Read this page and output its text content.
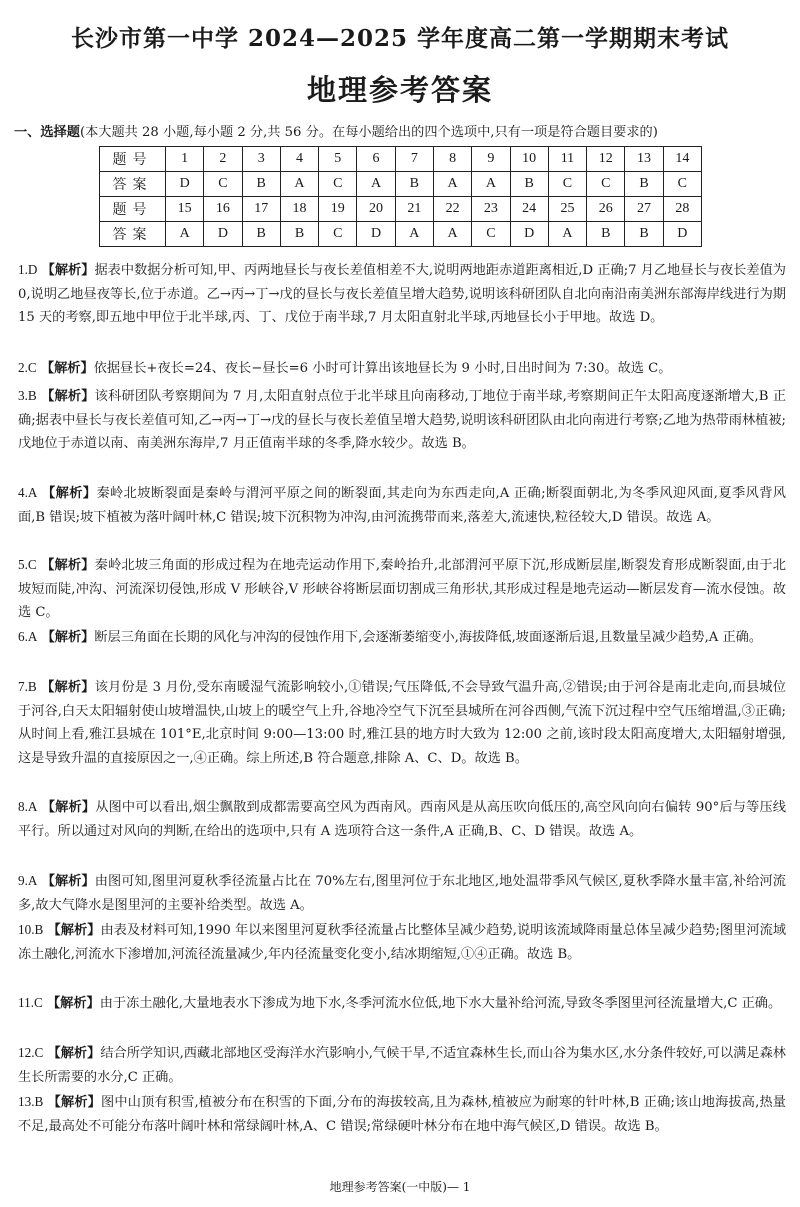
长沙市第一中学 2024—2025 学年度高二第一学期期末考试
地理参考答案
一、选择题(本大题共 28 小题,每小题 2 分,共 56 分。在每小题给出的四个选项中,只有一项是符合题目要求的)
题号	1	2	3	4	5	6	7	8	9	10	11	12	13	14
答案	D	C	B	A	C	A	B	A	A	B	C	C	B	C
题号	15	16	17	18	19	20	21	22	23	24	25	26	27	28
答案	A	D	B	B	C	D	A	A	C	D	A	B	B	D
1.D 【解析】据表中数据分析可知,甲、丙两地昼长与夜长差值相差不大,说明两地距赤道距离相近,D 正确;7 月乙地昼长与夜长差值为 0,说明乙地昼夜等长,位于赤道。乙→丙→丁→戊的昼长与夜长差值呈增大趋势,说明该科研团队自北向南沿南美洲东部海岸线进行为期 15 天的考察,即五地中甲位于北半球,丙、丁、戊位于南半球,7 月太阳直射北半球,丙地昼长小于甲地。故选 D。
2.C 【解析】依据昼长+夜长=24、夜长−昼长=6 小时可计算出该地昼长为 9 小时,日出时间为 7:30。故选 C。
3.B 【解析】该科研团队考察期间为 7 月,太阳直射点位于北半球且向南移动,丁地位于南半球,考察期间正午太阳高度逐渐增大,B 正确;据表中昼长与夜长差值可知,乙→丙→丁→戊的昼长与夜长差值呈增大趋势,说明该科研团队由北向南进行考察;乙地为热带雨林植被;戊地位于赤道以南、南美洲东海岸,7 月正值南半球的冬季,降水较少。故选 B。
4.A 【解析】秦岭北坡断裂面是秦岭与渭河平原之间的断裂面,其走向为东西走向,A 正确;断裂面朝北,为冬季风迎风面,夏季风背风面,B 错误;坡下植被为落叶阔叶林,C 错误;坡下沉积物为冲沟,由河流携带而来,落差大,流速快,粒径较大,D 错误。故选 A。
5.C 【解析】秦岭北坡三角面的形成过程为在地壳运动作用下,秦岭抬升,北部渭河平原下沉,形成断层崖,断裂发育形成断裂面,由于北坡短而陡,冲沟、河流深切侵蚀,形成 V 形峡谷,V 形峡谷将断层面切割成三角形状,其形成过程是地壳运动—断层发育—流水侵蚀。故选 C。
6.A 【解析】断层三角面在长期的风化与冲沟的侵蚀作用下,会逐渐萎缩变小,海拔降低,坡面逐渐后退,且数量呈减少趋势,A 正确。
7.B 【解析】该月份是 3 月份,受东南暖湿气流影响较小,①错误;气压降低,不会导致气温升高,②错误;由于河谷是南北走向,而县城位于河谷,白天太阳辐射使山坡增温快,山坡上的暖空气上升,谷地冷空气下沉至县城所在河谷西侧,气流下沉过程中空气压缩增温,③正确;从时间上看,雅江县城在 101°E,北京时间 9:00—13:00 时,雅江县的地方时大致为 12:00 之前,该时段太阳高度增大,太阳辐射增强,这是导致升温的直接原因之一,④正确。综上所述,B 符合题意,排除 A、C、D。故选 B。
8.A 【解析】从图中可以看出,烟尘飘散到成都需要高空风为西南风。西南风是从高压吹向低压的,高空风向向右偏转 90°后与等压线平行。所以通过对风向的判断,在给出的选项中,只有 A 选项符合这一条件,A 正确,B、C、D 错误。故选 A。
9.A 【解析】由图可知,图里河夏秋季径流量占比在 70%左右,图里河位于东北地区,地处温带季风气候区,夏秋季降水量丰富,补给河流多,故大气降水是图里河的主要补给类型。故选 A。
10.B 【解析】由表及材料可知,1990 年以来图里河夏秋季径流量占比整体呈减少趋势,说明该流域降雨量总体呈减少趋势;图里河流域冻土融化,河流水下渗增加,河流径流量减少,年内径流量变化变小,结冰期缩短,①④正确。故选 B。
11.C 【解析】由于冻土融化,大量地表水下渗成为地下水,冬季河流水位低,地下水大量补给河流,导致冬季图里河径流量增大,C 正确。
12.C 【解析】结合所学知识,西藏北部地区受海洋水汽影响小,气候干旱,不适宜森林生长,而山谷为集水区,水分条件较好,可以满足森林生长所需要的水分,C 正确。
13.B 【解析】图中山顶有积雪,植被分布在积雪的下面,分布的海拔较高,且为森林,植被应为耐寒的针叶林,B 正确;该山地海拔高,热量不足,最高处不可能分布落叶阔叶林和常绿阔叶林,A、C 错误;常绿硬叶林分布在地中海气候区,D 错误。故选 B。
地理参考答案(一中版)— 1
